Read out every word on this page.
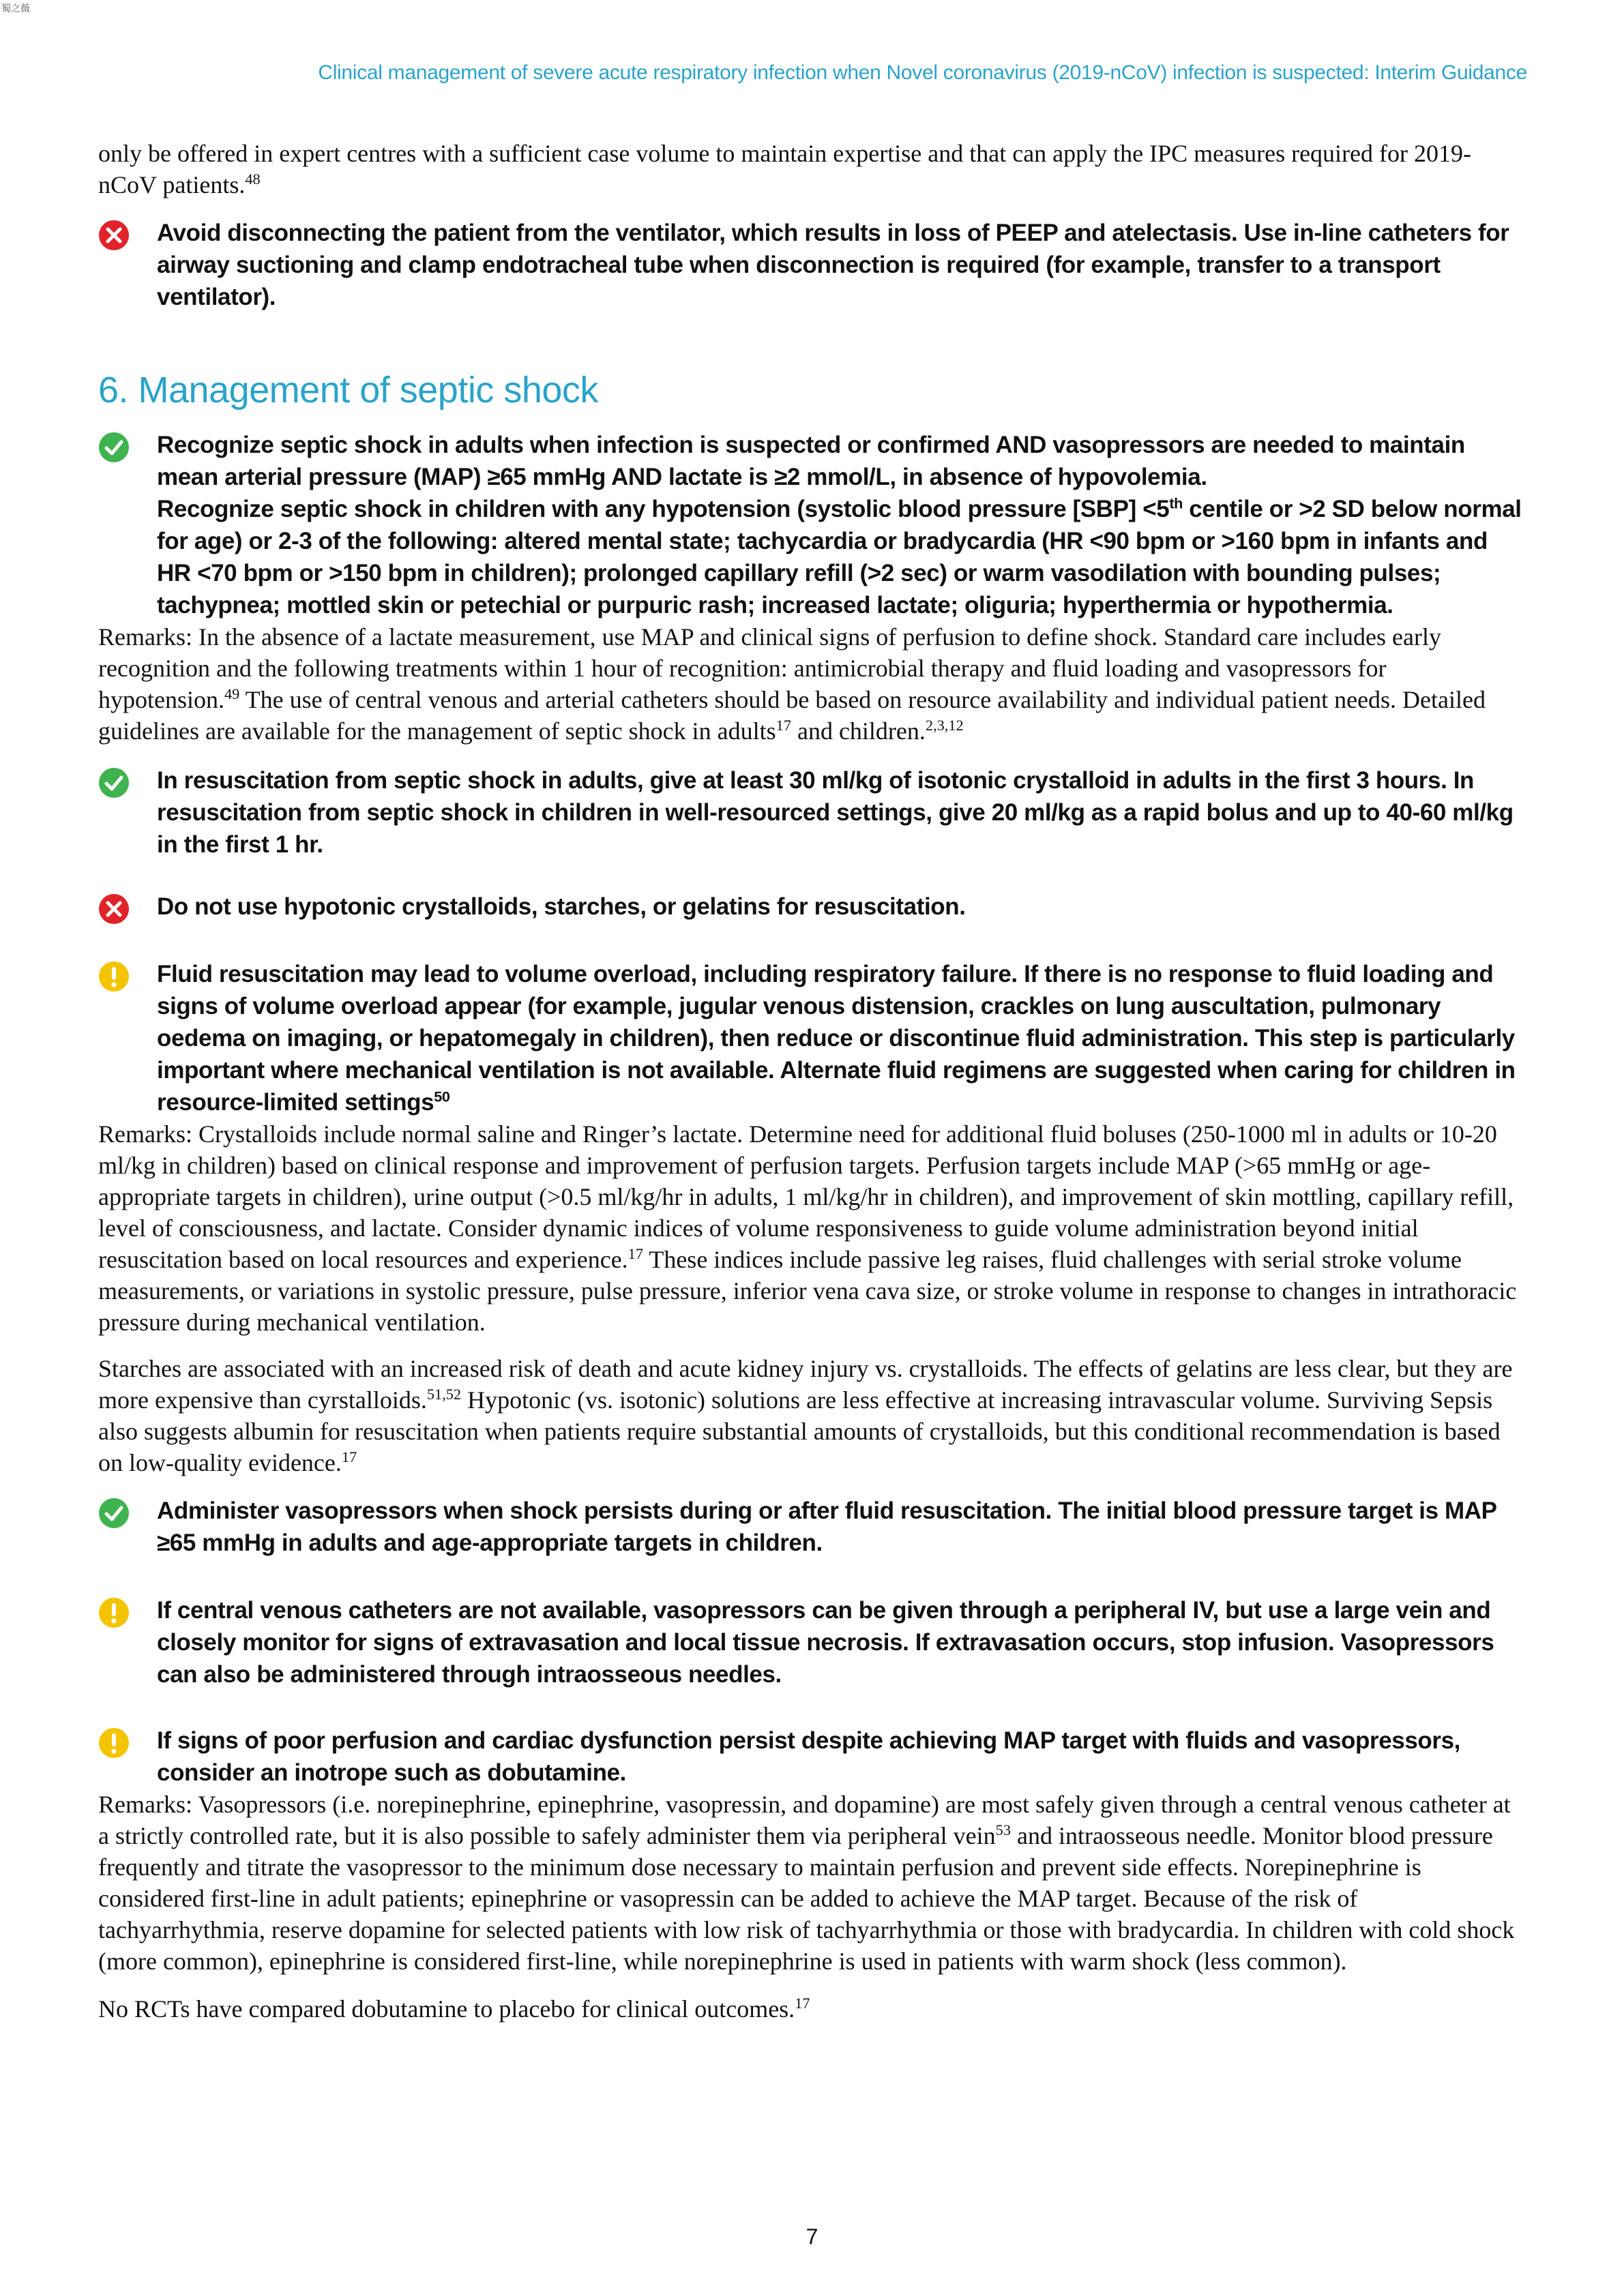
蜀之薇
Clinical management of severe acute respiratory infection when Novel coronavirus (2019-nCoV) infection is suspected: Interim Guidance

only be offered in expert centres with a sufficient case volume to maintain expertise and that can apply the IPC measures required for 2019-nCoV patients.$^{48}$

Avoid disconnecting the patient from the ventilator, which results in loss of PEEP and atelectasis. Use in-line catheters for airway suctioning and clamp endotracheal tube when disconnection is required (for example, transfer to a transport ventilator).

6. Management of septic shock

Recognize septic shock in adults when infection is suspected or confirmed AND vasopressors are needed to maintain mean arterial pressure (MAP) ≥65 mmHg AND lactate is ≥2 mmol/L, in absence of hypovolemia.
Recognize septic shock in children with any hypotension (systolic blood pressure [SBP] <5th centile or >2 SD below normal for age) or 2-3 of the following: altered mental state; tachycardia or bradycardia (HR <90 bpm or >160 bpm in infants and HR <70 bpm or >150 bpm in children); prolonged capillary refill (>2 sec) or warm vasodilation with bounding pulses; tachypnea; mottled skin or petechial or purpuric rash; increased lactate; oliguria; hyperthermia or hypothermia.

Remarks: In the absence of a lactate measurement, use MAP and clinical signs of perfusion to define shock. Standard care includes early recognition and the following treatments within 1 hour of recognition: antimicrobial therapy and fluid loading and vasopressors for hypotension.$^{49}$ The use of central venous and arterial catheters should be based on resource availability and individual patient needs. Detailed guidelines are available for the management of septic shock in adults$^{17}$ and children.$^{2,3,12}$

In resuscitation from septic shock in adults, give at least 30 ml/kg of isotonic crystalloid in adults in the first 3 hours. In resuscitation from septic shock in children in well-resourced settings, give 20 ml/kg as a rapid bolus and up to 40-60 ml/kg in the first 1 hr.

Do not use hypotonic crystalloids, starches, or gelatins for resuscitation.

Fluid resuscitation may lead to volume overload, including respiratory failure. If there is no response to fluid loading and signs of volume overload appear (for example, jugular venous distension, crackles on lung auscultation, pulmonary oedema on imaging, or hepatomegaly in children), then reduce or discontinue fluid administration. This step is particularly important where mechanical ventilation is not available. Alternate fluid regimens are suggested when caring for children in resource-limited settings$^{50}$

Remarks: Crystalloids include normal saline and Ringer’s lactate. Determine need for additional fluid boluses (250-1000 ml in adults or 10-20 ml/kg in children) based on clinical response and improvement of perfusion targets. Perfusion targets include MAP (>65 mmHg or age-appropriate targets in children), urine output (>0.5 ml/kg/hr in adults, 1 ml/kg/hr in children), and improvement of skin mottling, capillary refill, level of consciousness, and lactate. Consider dynamic indices of volume responsiveness to guide volume administration beyond initial resuscitation based on local resources and experience.$^{17}$ These indices include passive leg raises, fluid challenges with serial stroke volume measurements, or variations in systolic pressure, pulse pressure, inferior vena cava size, or stroke volume in response to changes in intrathoracic pressure during mechanical ventilation.

Starches are associated with an increased risk of death and acute kidney injury vs. crystalloids. The effects of gelatins are less clear, but they are more expensive than cyrstalloids.$^{51,52}$ Hypotonic (vs. isotonic) solutions are less effective at increasing intravascular volume. Surviving Sepsis also suggests albumin for resuscitation when patients require substantial amounts of crystalloids, but this conditional recommendation is based on low-quality evidence.$^{17}$

Administer vasopressors when shock persists during or after fluid resuscitation. The initial blood pressure target is MAP ≥65 mmHg in adults and age-appropriate targets in children.

If central venous catheters are not available, vasopressors can be given through a peripheral IV, but use a large vein and closely monitor for signs of extravasation and local tissue necrosis. If extravasation occurs, stop infusion. Vasopressors can also be administered through intraosseous needles.

If signs of poor perfusion and cardiac dysfunction persist despite achieving MAP target with fluids and vasopressors, consider an inotrope such as dobutamine.

Remarks: Vasopressors (i.e. norepinephrine, epinephrine, vasopressin, and dopamine) are most safely given through a central venous catheter at a strictly controlled rate, but it is also possible to safely administer them via peripheral vein$^{53}$ and intraosseous needle. Monitor blood pressure frequently and titrate the vasopressor to the minimum dose necessary to maintain perfusion and prevent side effects. Norepinephrine is considered first-line in adult patients; epinephrine or vasopressin can be added to achieve the MAP target. Because of the risk of tachyarrhythmia, reserve dopamine for selected patients with low risk of tachyarrhythmia or those with bradycardia. In children with cold shock (more common), epinephrine is considered first-line, while norepinephrine is used in patients with warm shock (less common).

No RCTs have compared dobutamine to placebo for clinical outcomes.$^{17}$

7
